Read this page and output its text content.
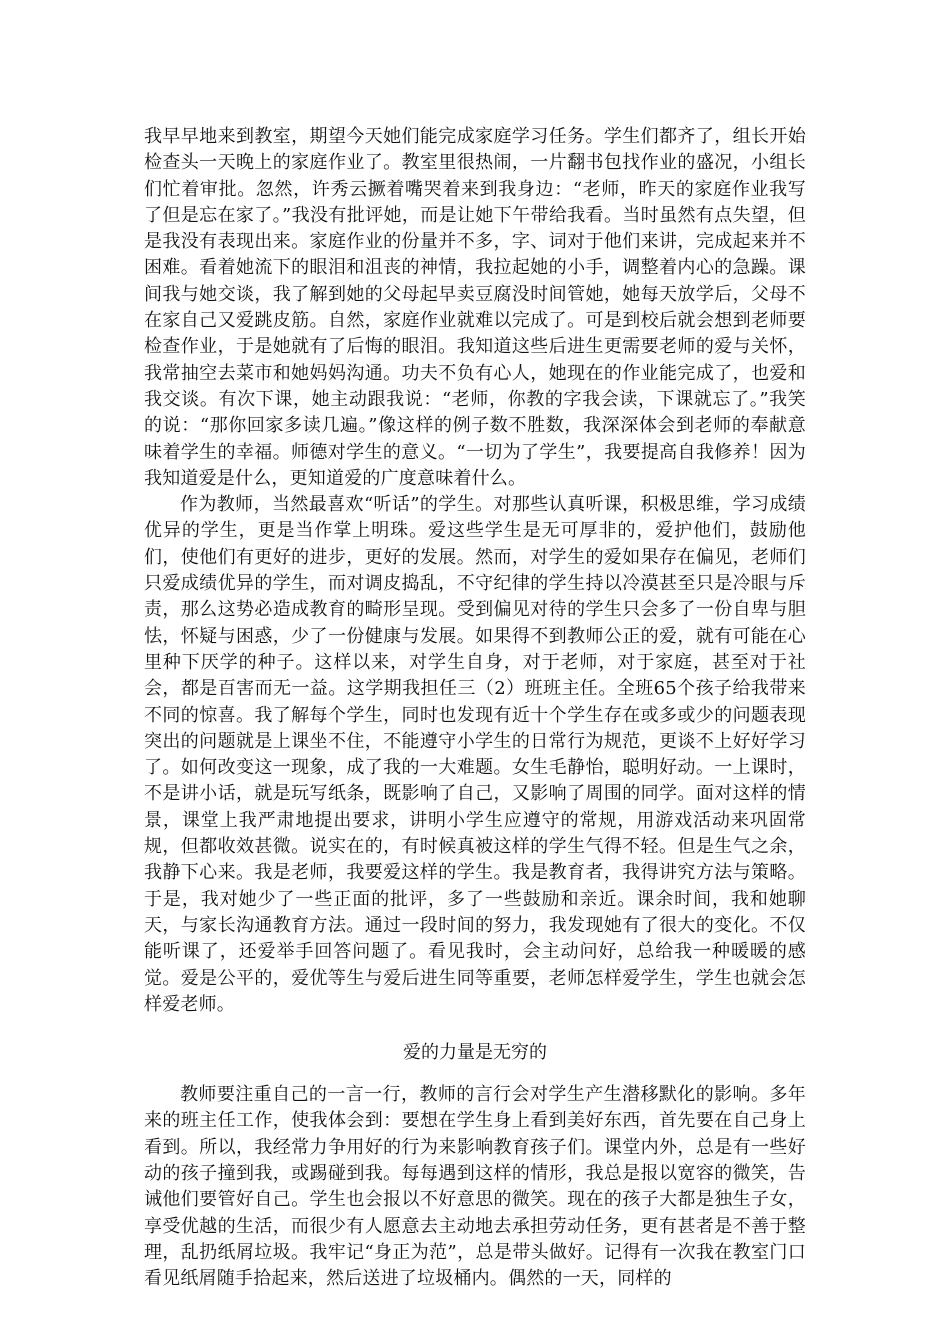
我早早地来到教室，期望今天她们能完成家庭学习任务。学生们都齐了，组长开始检查头一天晚上的家庭作业了。教室里很热闹，一片翻书包找作业的盛况，小组长们忙着审批。忽然，许秀云撅着嘴哭着来到我身边：“老师，昨天的家庭作业我写了但是忘在家了。”我没有批评她，而是让她下午带给我看。当时虽然有点失望，但是我没有表现出来。家庭作业的份量并不多，字、词对于他们来讲，完成起来并不困难。看着她流下的眼泪和沮丧的神情，我拉起她的小手，调整着内心的急躁。课间我与她交谈，我了解到她的父母起早卖豆腐没时间管她，她每天放学后，父母不在家自己又爱跳皮筋。自然，家庭作业就难以完成了。可是到校后就会想到老师要检查作业，于是她就有了后悔的眼泪。我知道这些后进生更需要老师的爱与关怀，我常抽空去菜市和她妈妈沟通。功夫不负有心人，她现在的作业能完成了，也爱和我交谈。有次下课，她主动跟我说：“老师，你教的字我会读，下课就忘了。”我笑的说：“那你回家多读几遍。”像这样的例子数不胜数，我深深体会到老师的奉献意味着学生的幸福。师德对学生的意义。“一切为了学生”，我要提高自我修养！因为我知道爱是什么，更知道爱的广度意味着什么。

作为教师，当然最喜欢“听话”的学生。对那些认真听课，积极思维，学习成绩优异的学生，更是当作掌上明珠。爱这些学生是无可厚非的，爱护他们，鼓励他们，使他们有更好的进步，更好的发展。然而，对学生的爱如果存在偏见，老师们只爱成绩优异的学生，而对调皮捣乱，不守纪律的学生持以冷漠甚至只是冷眼与斥责，那么这势必造成教育的畸形呈现。受到偏见对待的学生只会多了一份自卑与胆怯，怀疑与困惑，少了一份健康与发展。如果得不到教师公正的爱，就有可能在心里种下厌学的种子。这样以来，对学生自身，对于老师，对于家庭，甚至对于社会，都是百害而无一益。这学期我担任三（2）班班主任。全班65个孩子给我带来不同的惊喜。我了解每个学生，同时也发现有近十个学生存在或多或少的问题表现突出的问题就是上课坐不住，不能遵守小学生的日常行为规范，更谈不上好好学习了。如何改变这一现象，成了我的一大难题。女生毛静怡，聪明好动。一上课时，不是讲小话，就是玩写纸条，既影响了自己，又影响了周围的同学。面对这样的情景，课堂上我严肃地提出要求，讲明小学生应遵守的常规，用游戏活动来巩固常规，但都收效甚微。说实在的，有时候真被这样的学生气得不轻。但是生气之余，我静下心来。我是老师，我要爱这样的学生。我是教育者，我得讲究方法与策略。于是，我对她少了一些正面的批评，多了一些鼓励和亲近。课余时间，我和她聊天，与家长沟通教育方法。通过一段时间的努力，我发现她有了很大的变化。不仅能听课了，还爱举手回答问题了。看见我时，会主动问好，总给我一种暖暖的感觉。爱是公平的，爱优等生与爱后进生同等重要，老师怎样爱学生，学生也就会怎样爱老师。

爱的力量是无穷的

教师要注重自己的一言一行，教师的言行会对学生产生潜移默化的影响。多年来的班主任工作，使我体会到：要想在学生身上看到美好东西，首先要在自己身上看到。所以，我经常力争用好的行为来影响教育孩子们。课堂内外，总是有一些好动的孩子撞到我，或踢碰到我。每每遇到这样的情形，我总是报以宽容的微笑，告诫他们要管好自己。学生也会报以不好意思的微笑。现在的孩子大都是独生子女，享受优越的生活，而很少有人愿意去主动地去承担劳动任务，更有甚者是不善于整理，乱扔纸屑垃圾。我牢记“身正为范”，总是带头做好。记得有一次我在教室门口看见纸屑随手拾起来，然后送进了垃圾桶内。偶然的一天，同样的
